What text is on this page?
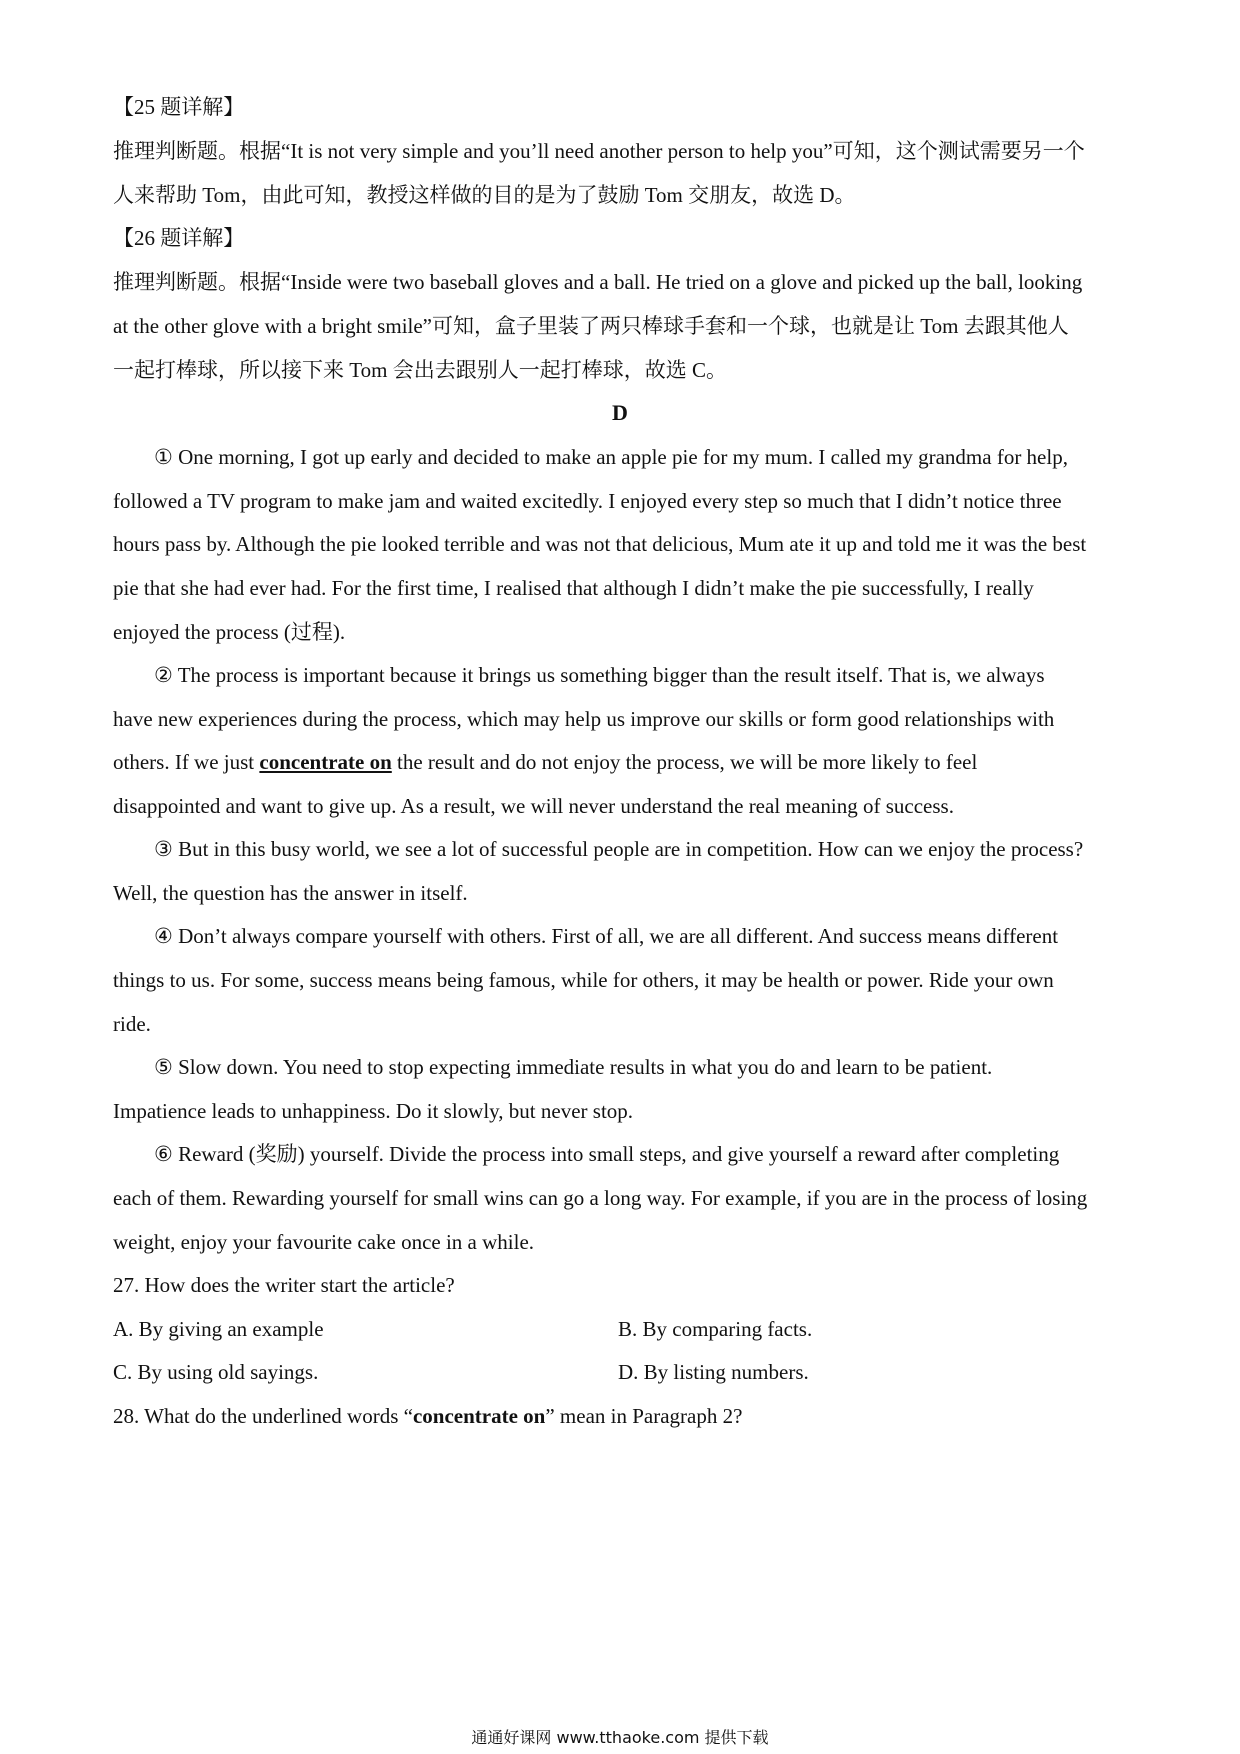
【25 题详解】
推理判断题。根据“It is not very simple and you’ll need another person to help you”可知，这个测试需要另一个
人来帮助 Tom，由此可知，教授这样做的目的是为了鼓励 Tom 交朋友，故选 D。
【26 题详解】
推理判断题。根据“Inside were two baseball gloves and a ball. He tried on a glove and picked up the ball, looking
at the other glove with a bright smile”可知，盒子里装了两只棒球手套和一个球，也就是让 Tom 去跟其他人
一起打棒球，所以接下来 Tom 会出去跟别人一起打棒球，故选 C。
D
① One morning, I got up early and decided to make an apple pie for my mum. I called my grandma for help,
followed a TV program to make jam and waited excitedly. I enjoyed every step so much that I didn’t notice three
hours pass by. Although the pie looked terrible and was not that delicious, Mum ate it up and told me it was the best
pie that she had ever had. For the first time, I realised that although I didn’t make the pie successfully, I really
enjoyed the process (过程).
② The process is important because it brings us something bigger than the result itself. That is, we always
have new experiences during the process, which may help us improve our skills or form good relationships with
others. If we just concentrate on the result and do not enjoy the process, we will be more likely to feel
disappointed and want to give up. As a result, we will never understand the real meaning of success.
③ But in this busy world, we see a lot of successful people are in competition. How can we enjoy the process?
Well, the question has the answer in itself.
④ Don’t always compare yourself with others. First of all, we are all different. And success means different
things to us. For some, success means being famous, while for others, it may be health or power. Ride your own
ride.
⑤ Slow down. You need to stop expecting immediate results in what you do and learn to be patient.
Impatience leads to unhappiness. Do it slowly, but never stop.
⑥ Reward (奖励) yourself. Divide the process into small steps, and give yourself a reward after completing
each of them. Rewarding yourself for small wins can go a long way. For example, if you are in the process of losing
weight, enjoy your favourite cake once in a while.
27. How does the writer start the article?
A. By giving an example	B. By comparing facts.
C. By using old sayings.	D. By listing numbers.
28. What do the underlined words “concentrate on” mean in Paragraph 2?
通通好课网 www.tthaoke.com 提供下载
